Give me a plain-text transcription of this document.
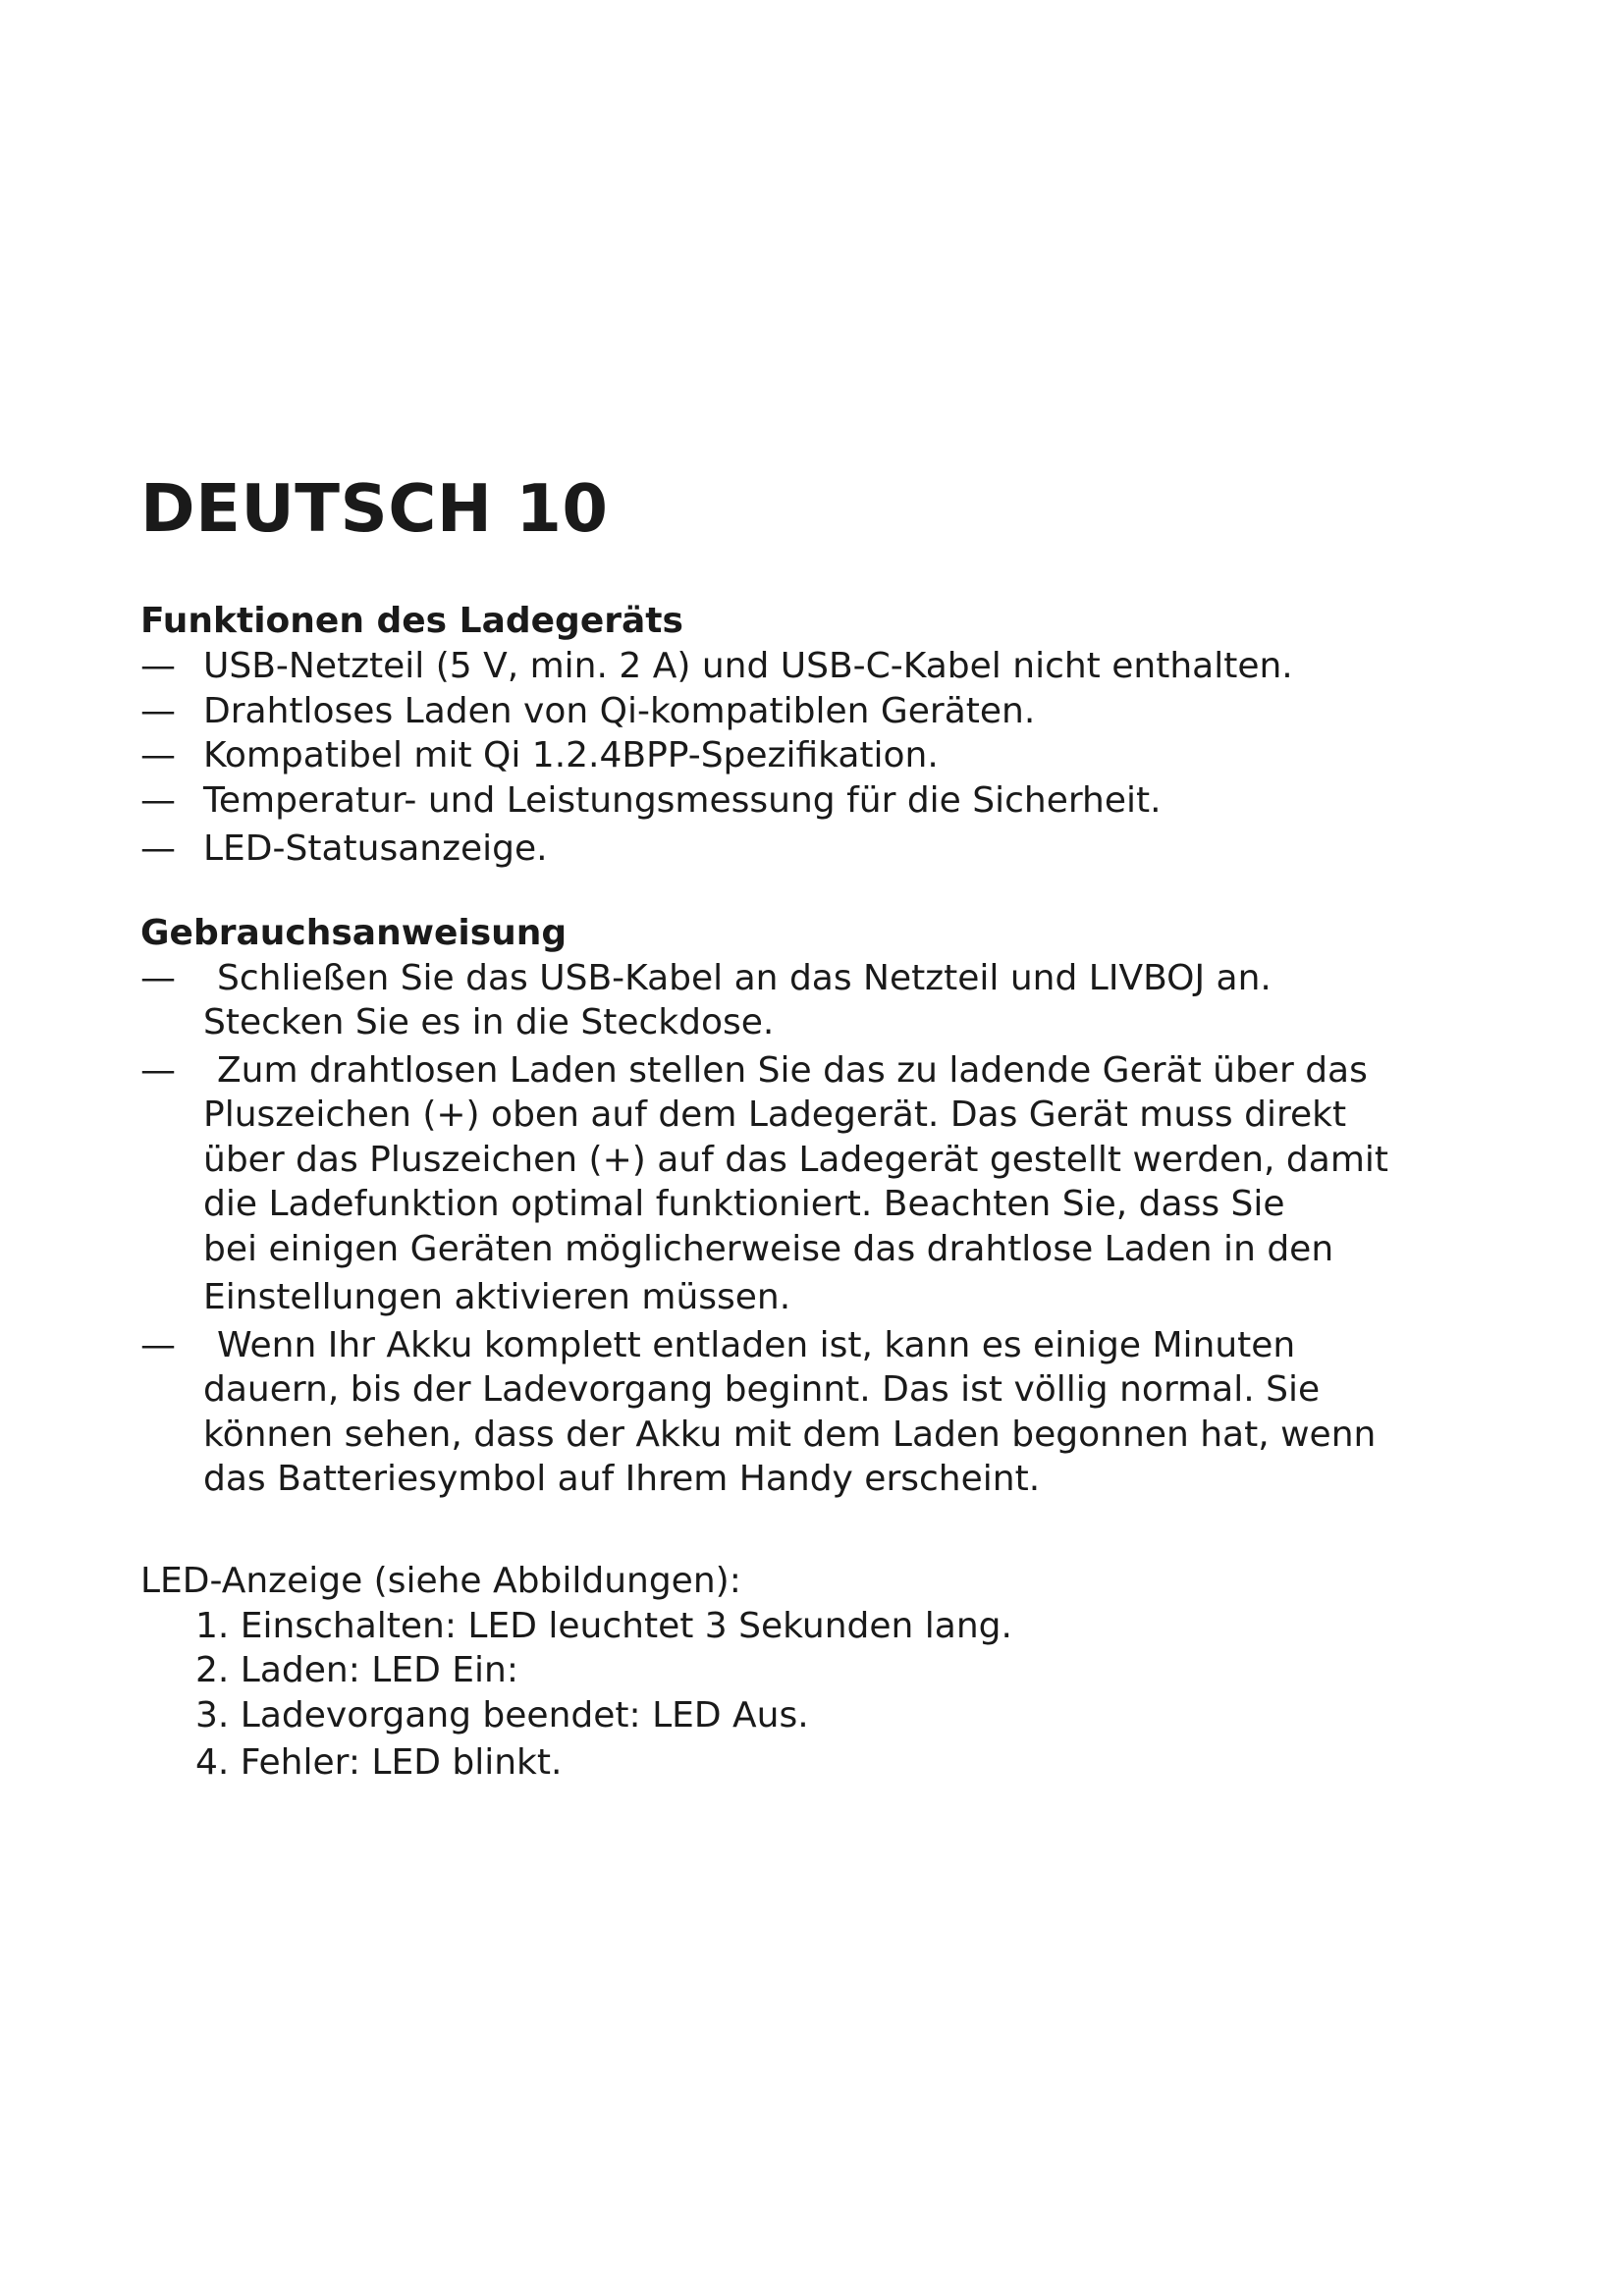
DEUTSCH 10
Funktionen des Ladegeräts
— USB-Netzteil (5 V, min. 2 A) und USB-C-Kabel nicht enthalten.
— Drahtloses Laden von Qi-kompatiblen Geräten.
— Kompatibel mit Qi 1.2.4BPP-Spezifikation.
— Temperatur- und Leistungsmessung für die Sicherheit.
— LED-Statusanzeige.
Gebrauchsanweisung
—	Schließen Sie das USB-Kabel an das Netzteil und LIVBOJ an.
Stecken Sie es in die Steckdose.
—	Zum drahtlosen Laden stellen Sie das zu ladende Gerät über das
Pluszeichen (+) oben auf dem Ladegerät. Das Gerät muss direkt
über das Pluszeichen (+) auf das Ladegerät gestellt werden, damit
die Ladefunktion optimal funktioniert. Beachten Sie, dass Sie
bei einigen Geräten möglicherweise das drahtlose Laden in den
Einstellungen aktivieren müssen.
—	Wenn Ihr Akku komplett entladen ist, kann es einige Minuten
dauern, bis der Ladevorgang beginnt. Das ist völlig normal. Sie
können sehen, dass der Akku mit dem Laden begonnen hat, wenn
das Batteriesymbol auf Ihrem Handy erscheint.

LED-Anzeige (siehe Abbildungen):

1. Einschalten: LED leuchtet 3 Sekunden lang.
2. Laden: LED Ein:
3. Ladevorgang beendet: LED Aus.
4. Fehler: LED blinkt.
